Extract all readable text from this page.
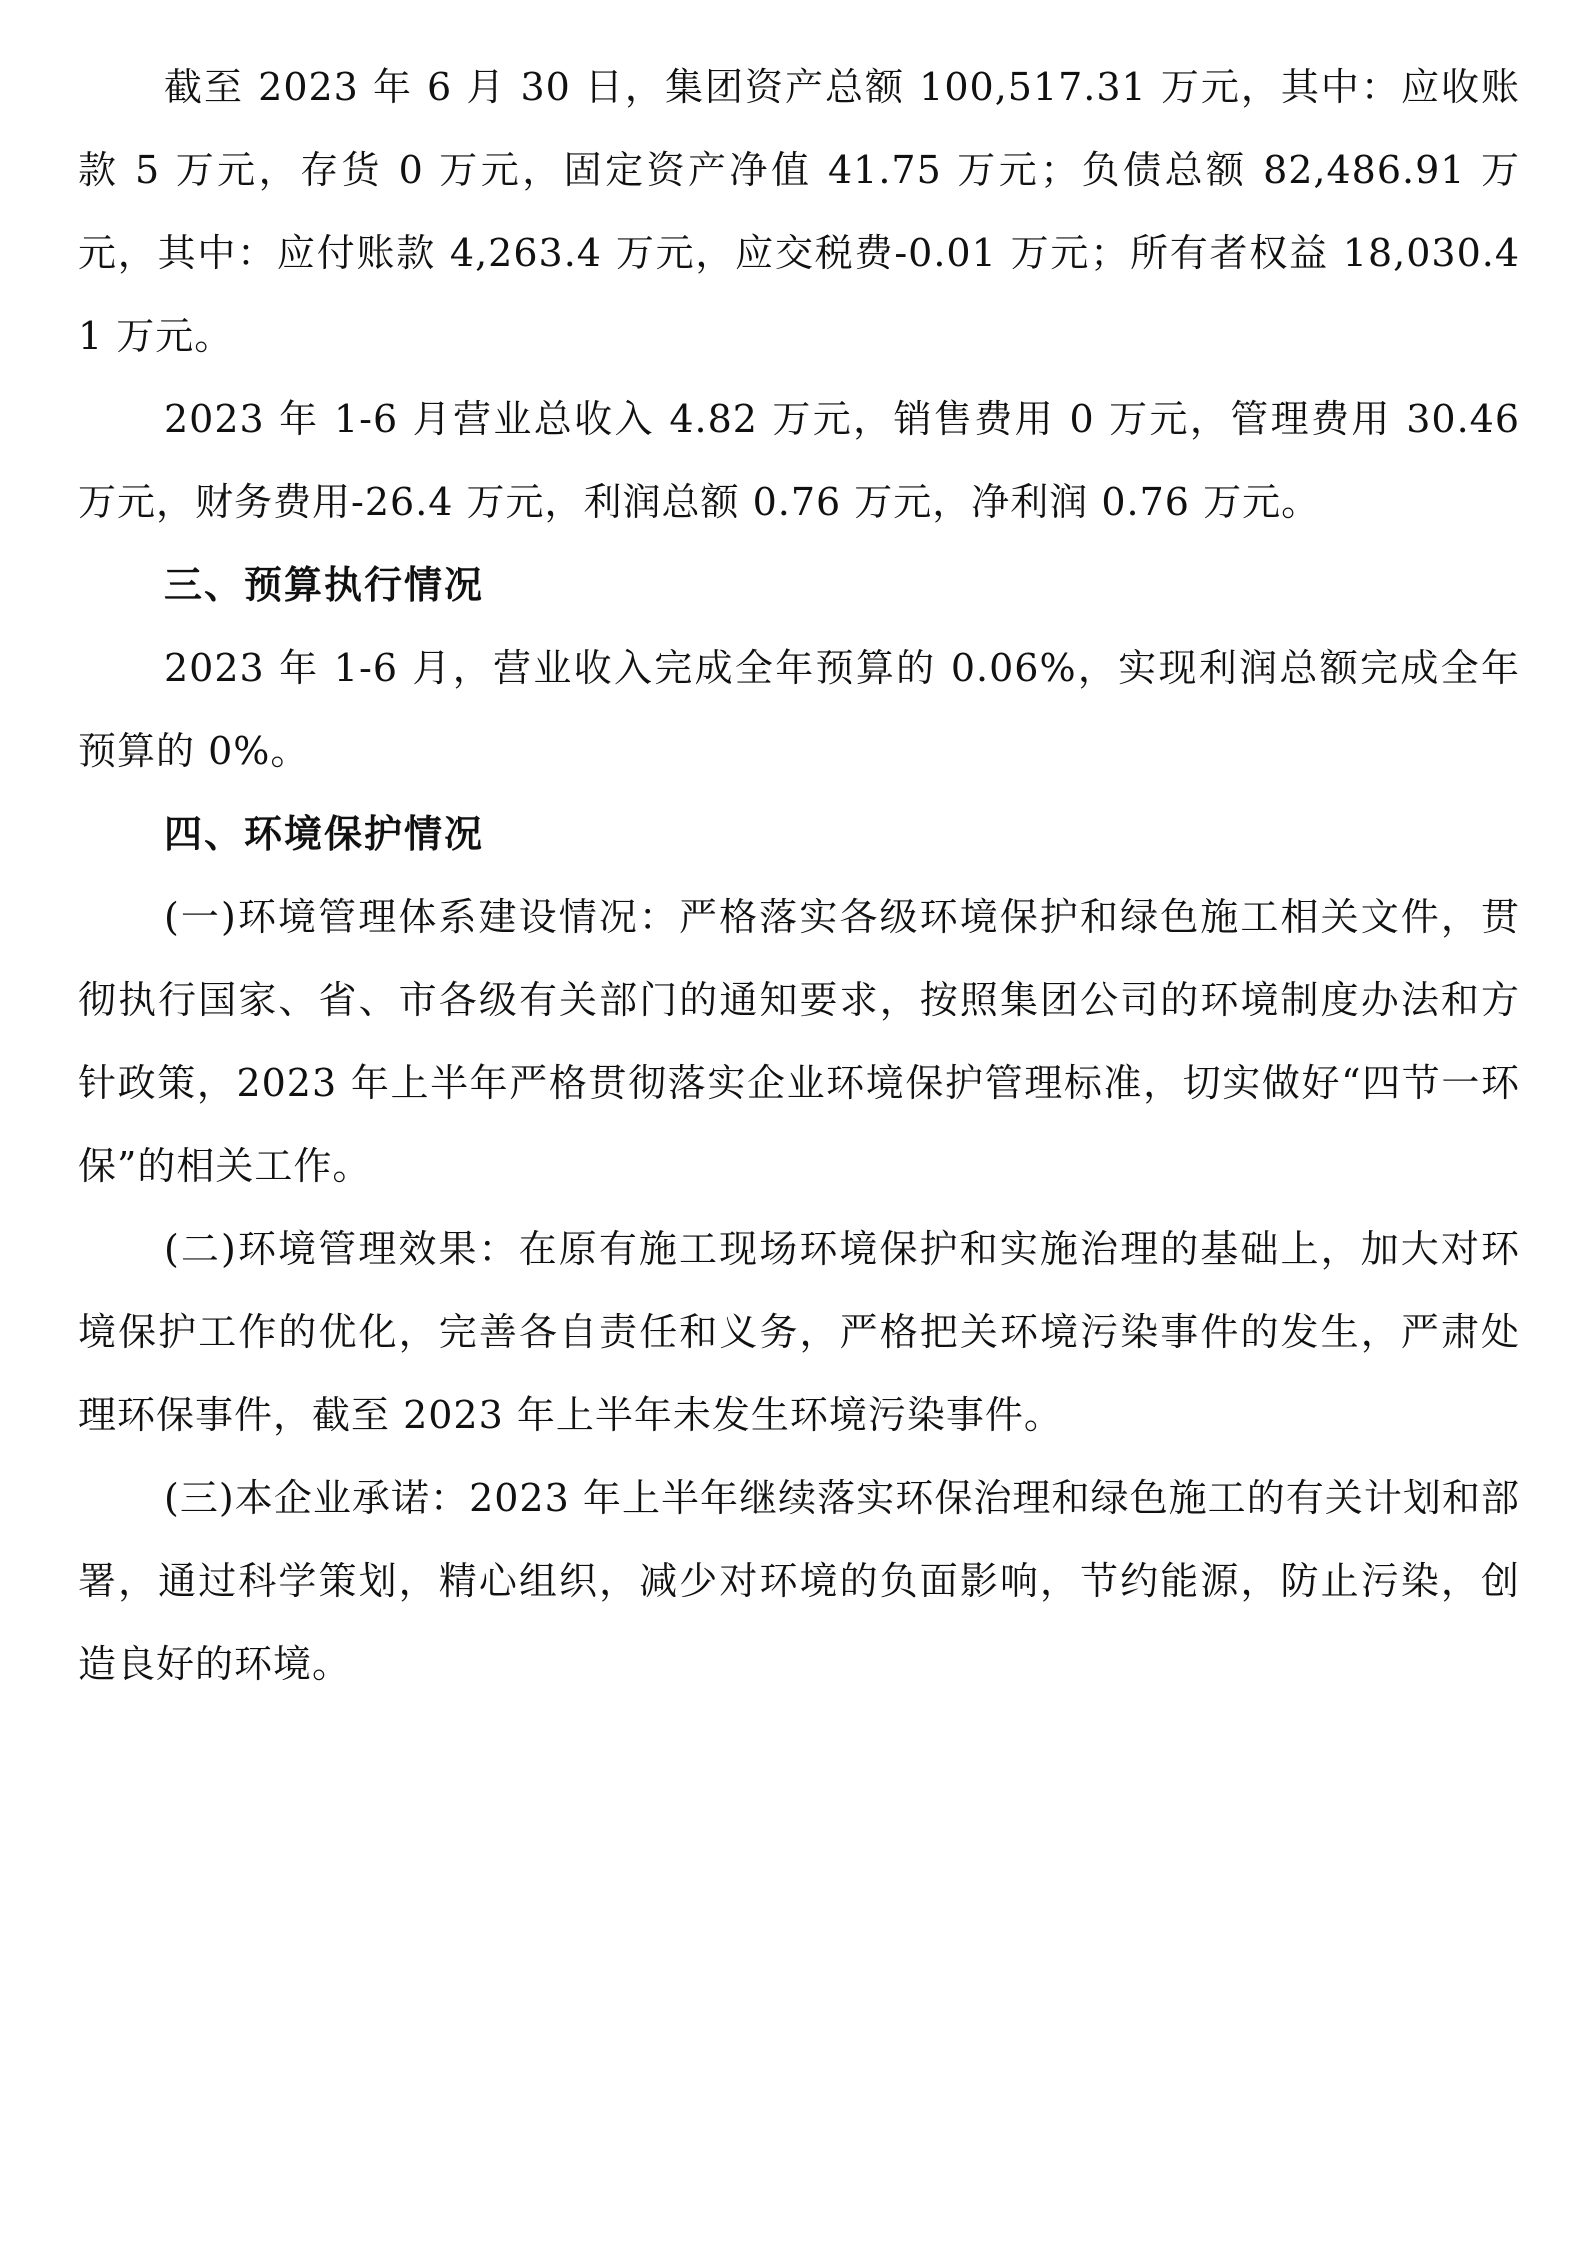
截至 2023 年 6 月 30 日，集团资产总额 100,517.31 万元，其中：应收账款 5 万元，存货 0 万元，固定资产净值 41.75 万元；负债总额 82,486.91 万元，其中：应付账款 4,263.4 万元，应交税费-0.01 万元；所有者权益 18,030.41 万元。

2023 年 1-6 月营业总收入 4.82 万元，销售费用 0 万元，管理费用 30.46 万元，财务费用-26.4 万元，利润总额 0.76 万元，净利润 0.76 万元。

三、预算执行情况

2023 年 1-6 月，营业收入完成全年预算的 0.06%，实现利润总额完成全年预算的 0%。

四、环境保护情况

(一)环境管理体系建设情况：严格落实各级环境保护和绿色施工相关文件，贯彻执行国家、省、市各级有关部门的通知要求，按照集团公司的环境制度办法和方针政策，2023 年上半年严格贯彻落实企业环境保护管理标准，切实做好“四节一环保”的相关工作。

(二)环境管理效果：在原有施工现场环境保护和实施治理的基础上，加大对环境保护工作的优化，完善各自责任和义务，严格把关环境污染事件的发生，严肃处理环保事件，截至 2023 年上半年未发生环境污染事件。

(三)本企业承诺：2023 年上半年继续落实环保治理和绿色施工的有关计划和部署，通过科学策划，精心组织，减少对环境的负面影响，节约能源，防止污染，创造良好的环境。
